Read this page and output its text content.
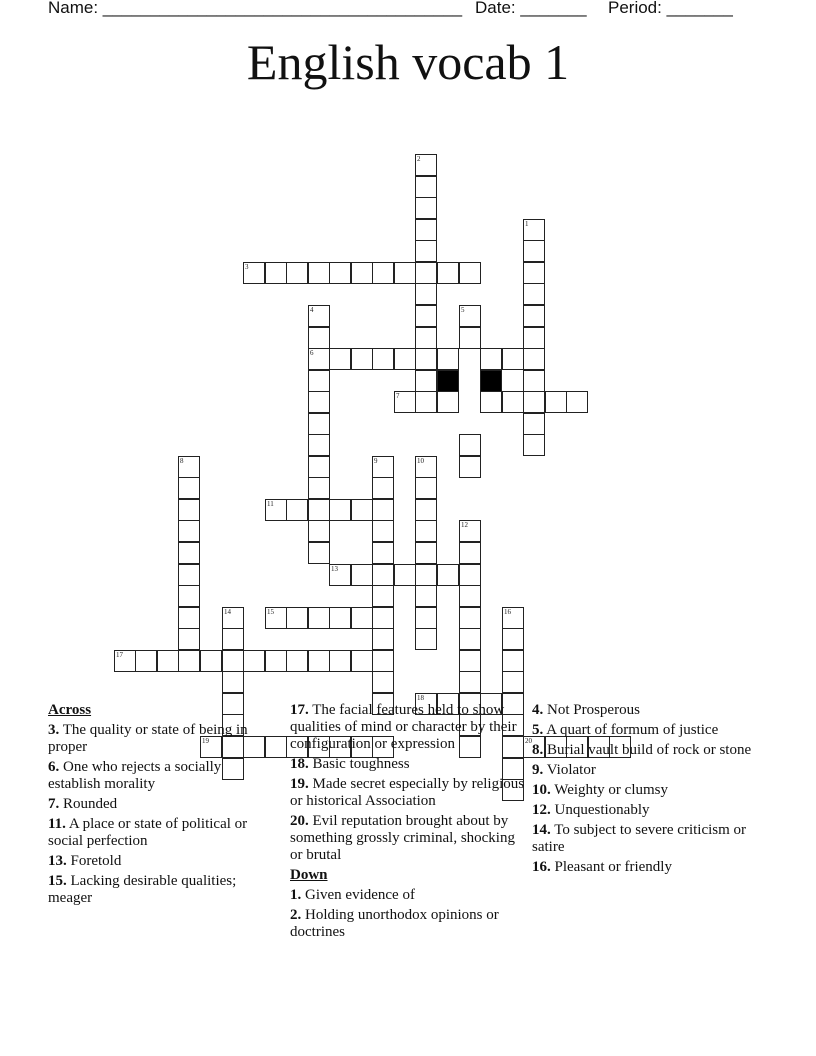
Name: ______________________________________

Date: _______

Period: _______

English vocab 1
1
2
3
4
6
5
7
8	9	10
11
12
13
14	15	16
17
18
19	20
Across
3. The quality or state of being in proper
6. One who rejects a socially establish morality
7. Rounded
11. A place or state of political or social perfection
13. Foretold
15. Lacking desirable qualities; meager
17. The facial features held to show qualities of mind or character by their configuration or expression
18. Basic toughness
19. Made secret especially by religious or historical Association
20. Evil reputation brought about by something grossly criminal, shocking or brutal
Down
1. Given evidence of
2. Holding unorthodox opinions or doctrines
4. Not Prosperous
5. A quart of formum of justice
8. Burial vault build of rock or stone
9. Violator
10. Weighty or clumsy
12. Unquestionably
14. To subject to severe criticism or satire
16. Pleasant or friendly
